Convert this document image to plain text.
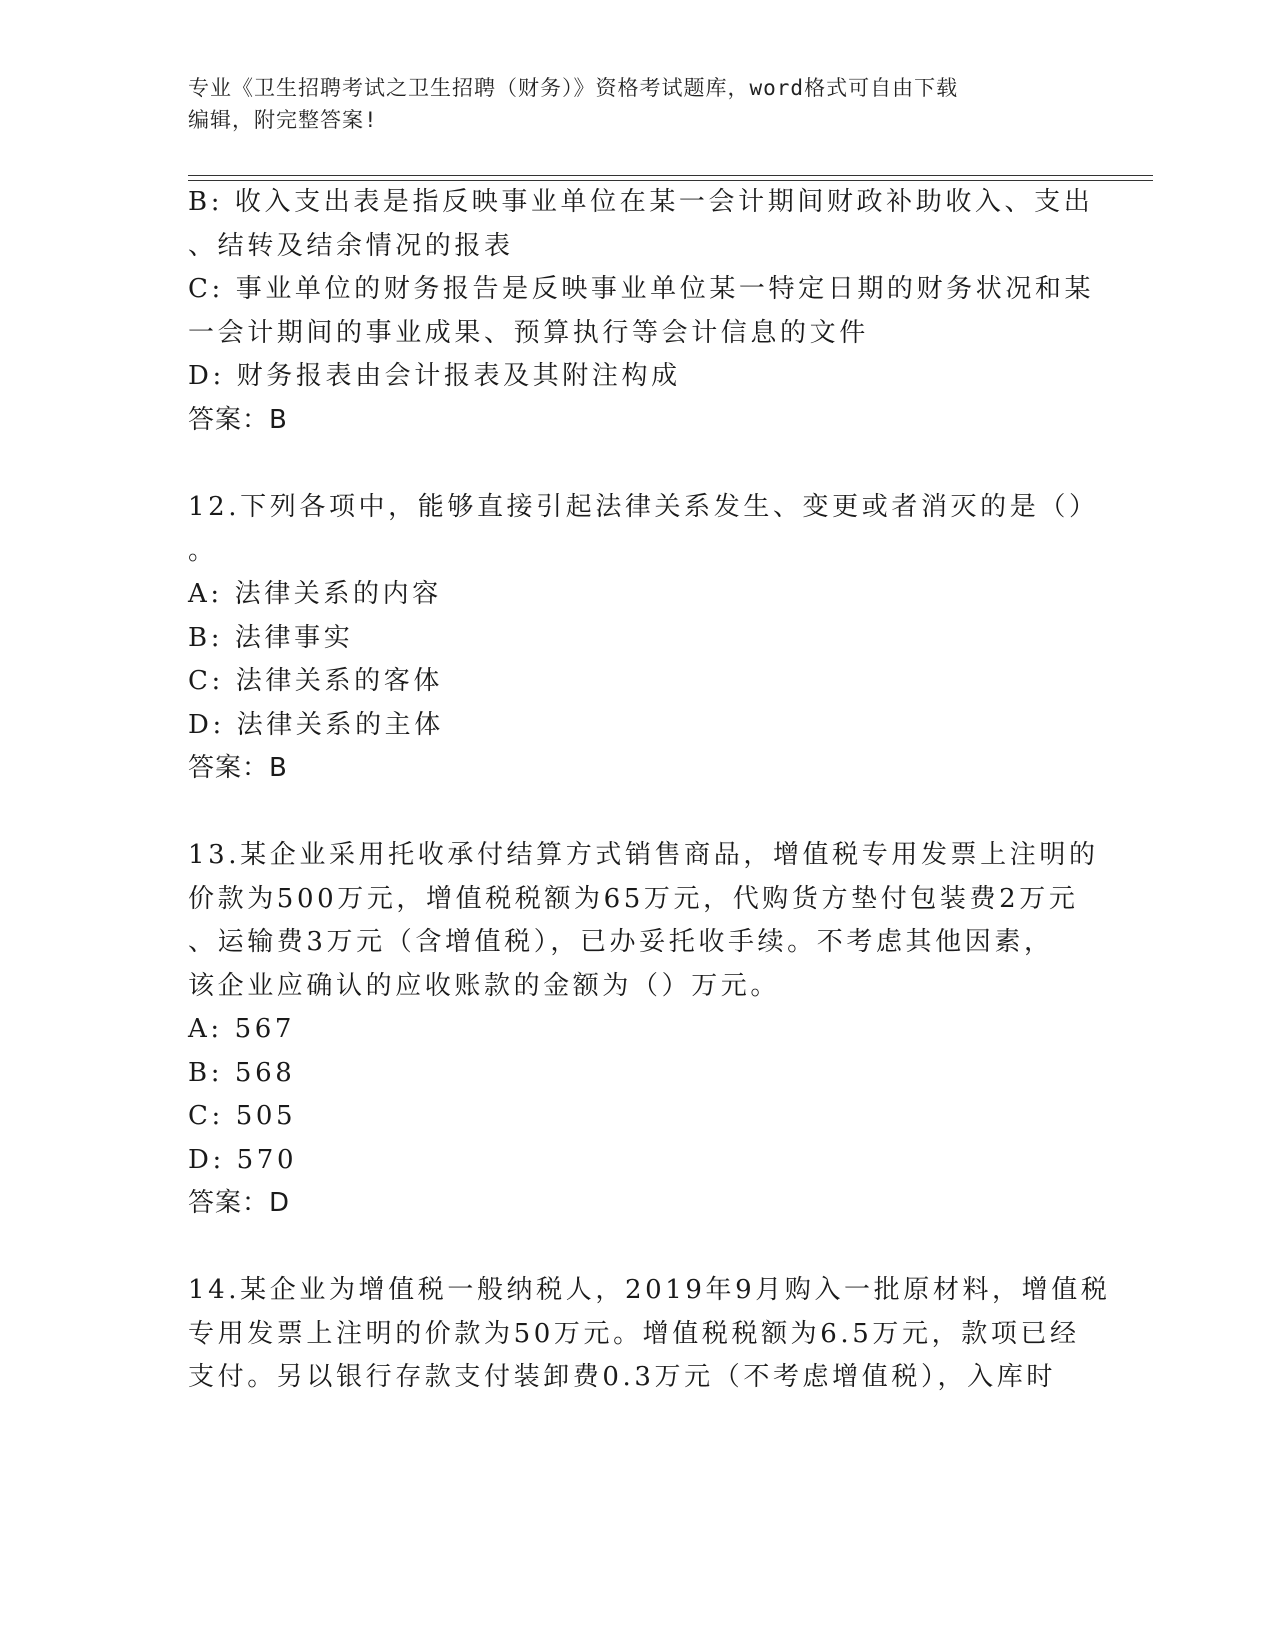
专业《卫生招聘考试之卫生招聘（财务）》资格考试题库，word格式可自由下载
编辑，附完整答案!
B: 收入支出表是指反映事业单位在某一会计期间财政补助收入、支出
、结转及结余情况的报表
C: 事业单位的财务报告是反映事业单位某一特定日期的财务状况和某
一会计期间的事业成果、预算执行等会计信息的文件
D: 财务报表由会计报表及其附注构成
答案：B
12.下列各项中，能够直接引起法律关系发生、变更或者消灭的是（）
。
A: 法律关系的内容
B: 法律事实
C: 法律关系的客体
D: 法律关系的主体
答案：B
13.某企业采用托收承付结算方式销售商品，增值税专用发票上注明的
价款为500万元，增值税税额为65万元，代购货方垫付包装费2万元
、运输费3万元（含增值税），已办妥托收手续。不考虑其他因素，
该企业应确认的应收账款的金额为（）万元。
A: 567
B: 568
C: 505
D: 570
答案：D
14.某企业为增值税一般纳税人，2019年9月购入一批原材料，增值税
专用发票上注明的价款为50万元。增值税税额为6.5万元，款项已经
支付。另以银行存款支付装卸费0.3万元（不考虑增值税），入库时
